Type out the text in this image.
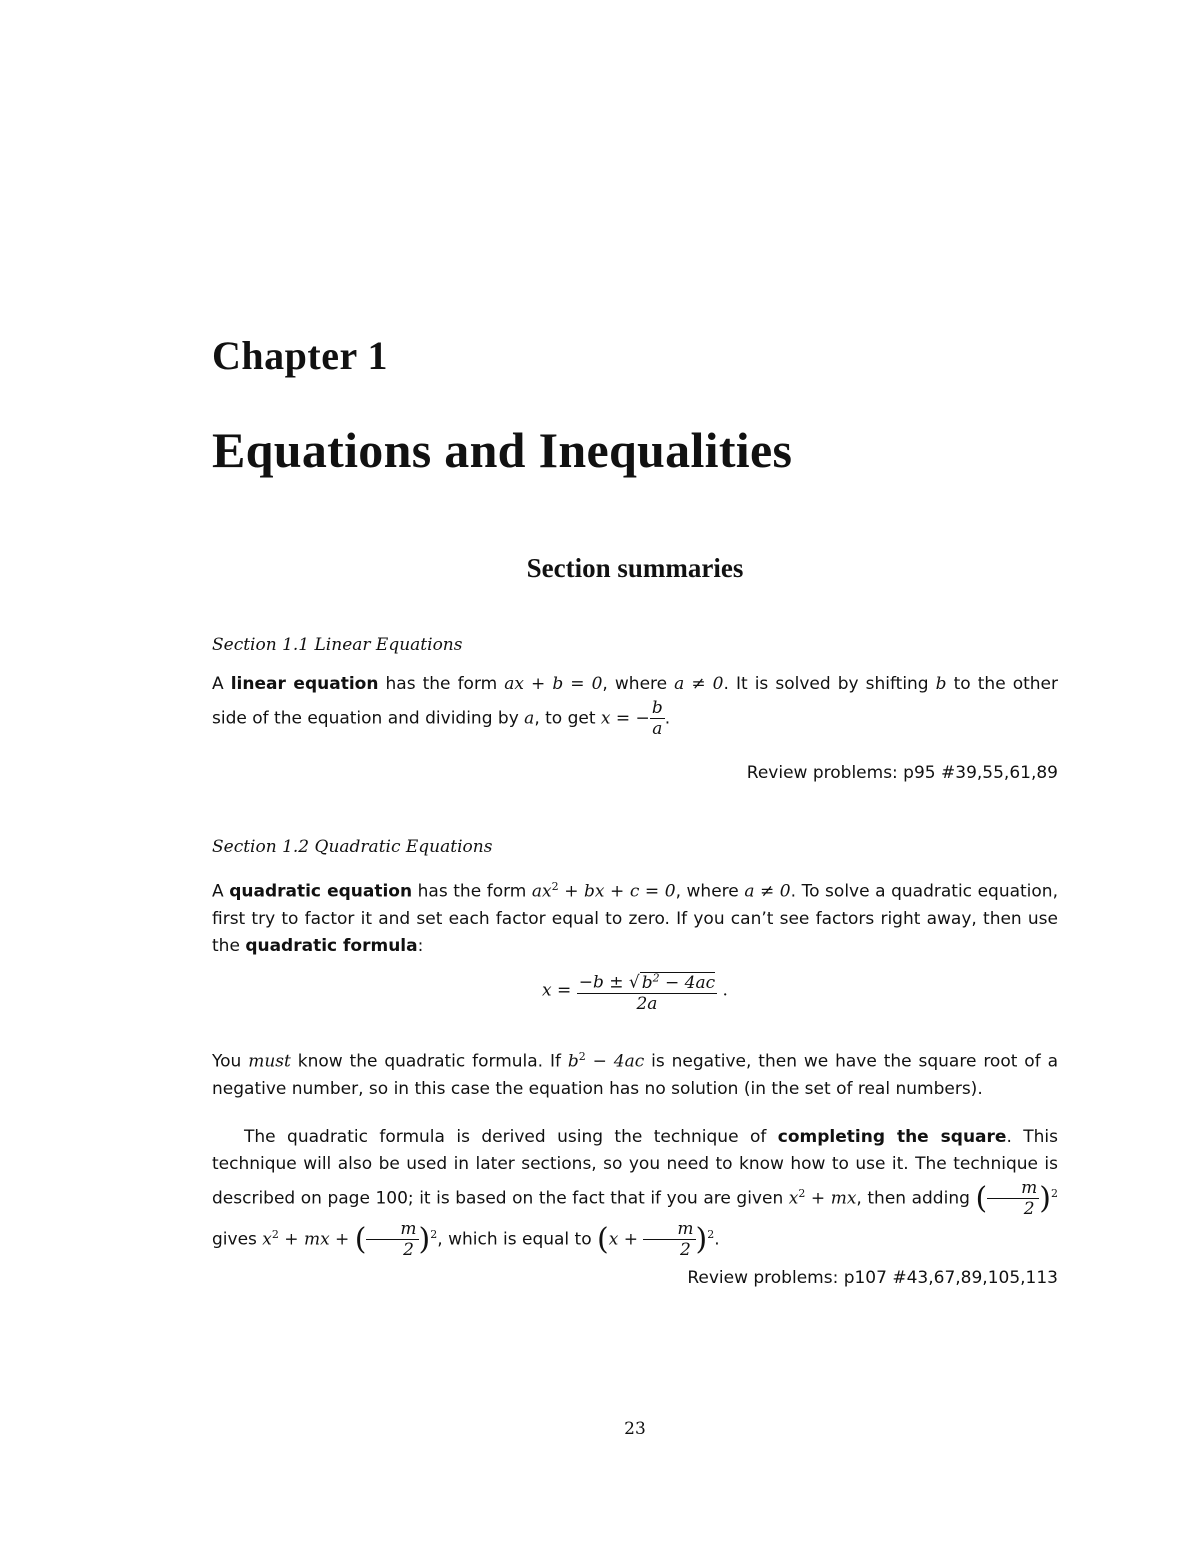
Chapter 1
Equations and Inequalities
Section summaries

Section 1.1 Linear Equations

A linear equation has the form ax + b = 0, where a ≠ 0. It is solved by shifting b to the other side of the equation and dividing by a, to get x = − $\frac{b}{a}$ .

Review problems: p95 #39,55,61,89

Section 1.2 Quadratic Equations

A quadratic equation has the form $ax^2$ + bx + c = 0, where a ≠ 0. To solve a quadratic equation, first try to factor it and set each factor equal to zero. If you can’t see factors right away, then use the quadratic formula:

$x = \frac{-b \pm √ b^2 - 4ac}{2a}$ .

You must know the quadratic formula. If $b^2 - 4ac$ is negative, then we have the square root of a negative number, so in this case the equation has no solution (in the set of real numbers).

The quadratic formula is derived using the technique of completing the square. This technique will also be used in later sections, so you need to know how to use it. The technique is described on page 100; it is based on the fact that if you are given $x^2$ + mx, then adding ( $\frac{m}{2} )^2$ gives $x^2$ + mx + ( $\frac{m}{2} )^2$, which is equal to $(x + \frac{m}{2} )^2$.

Review problems: p107 #43,67,89,105,113

23
